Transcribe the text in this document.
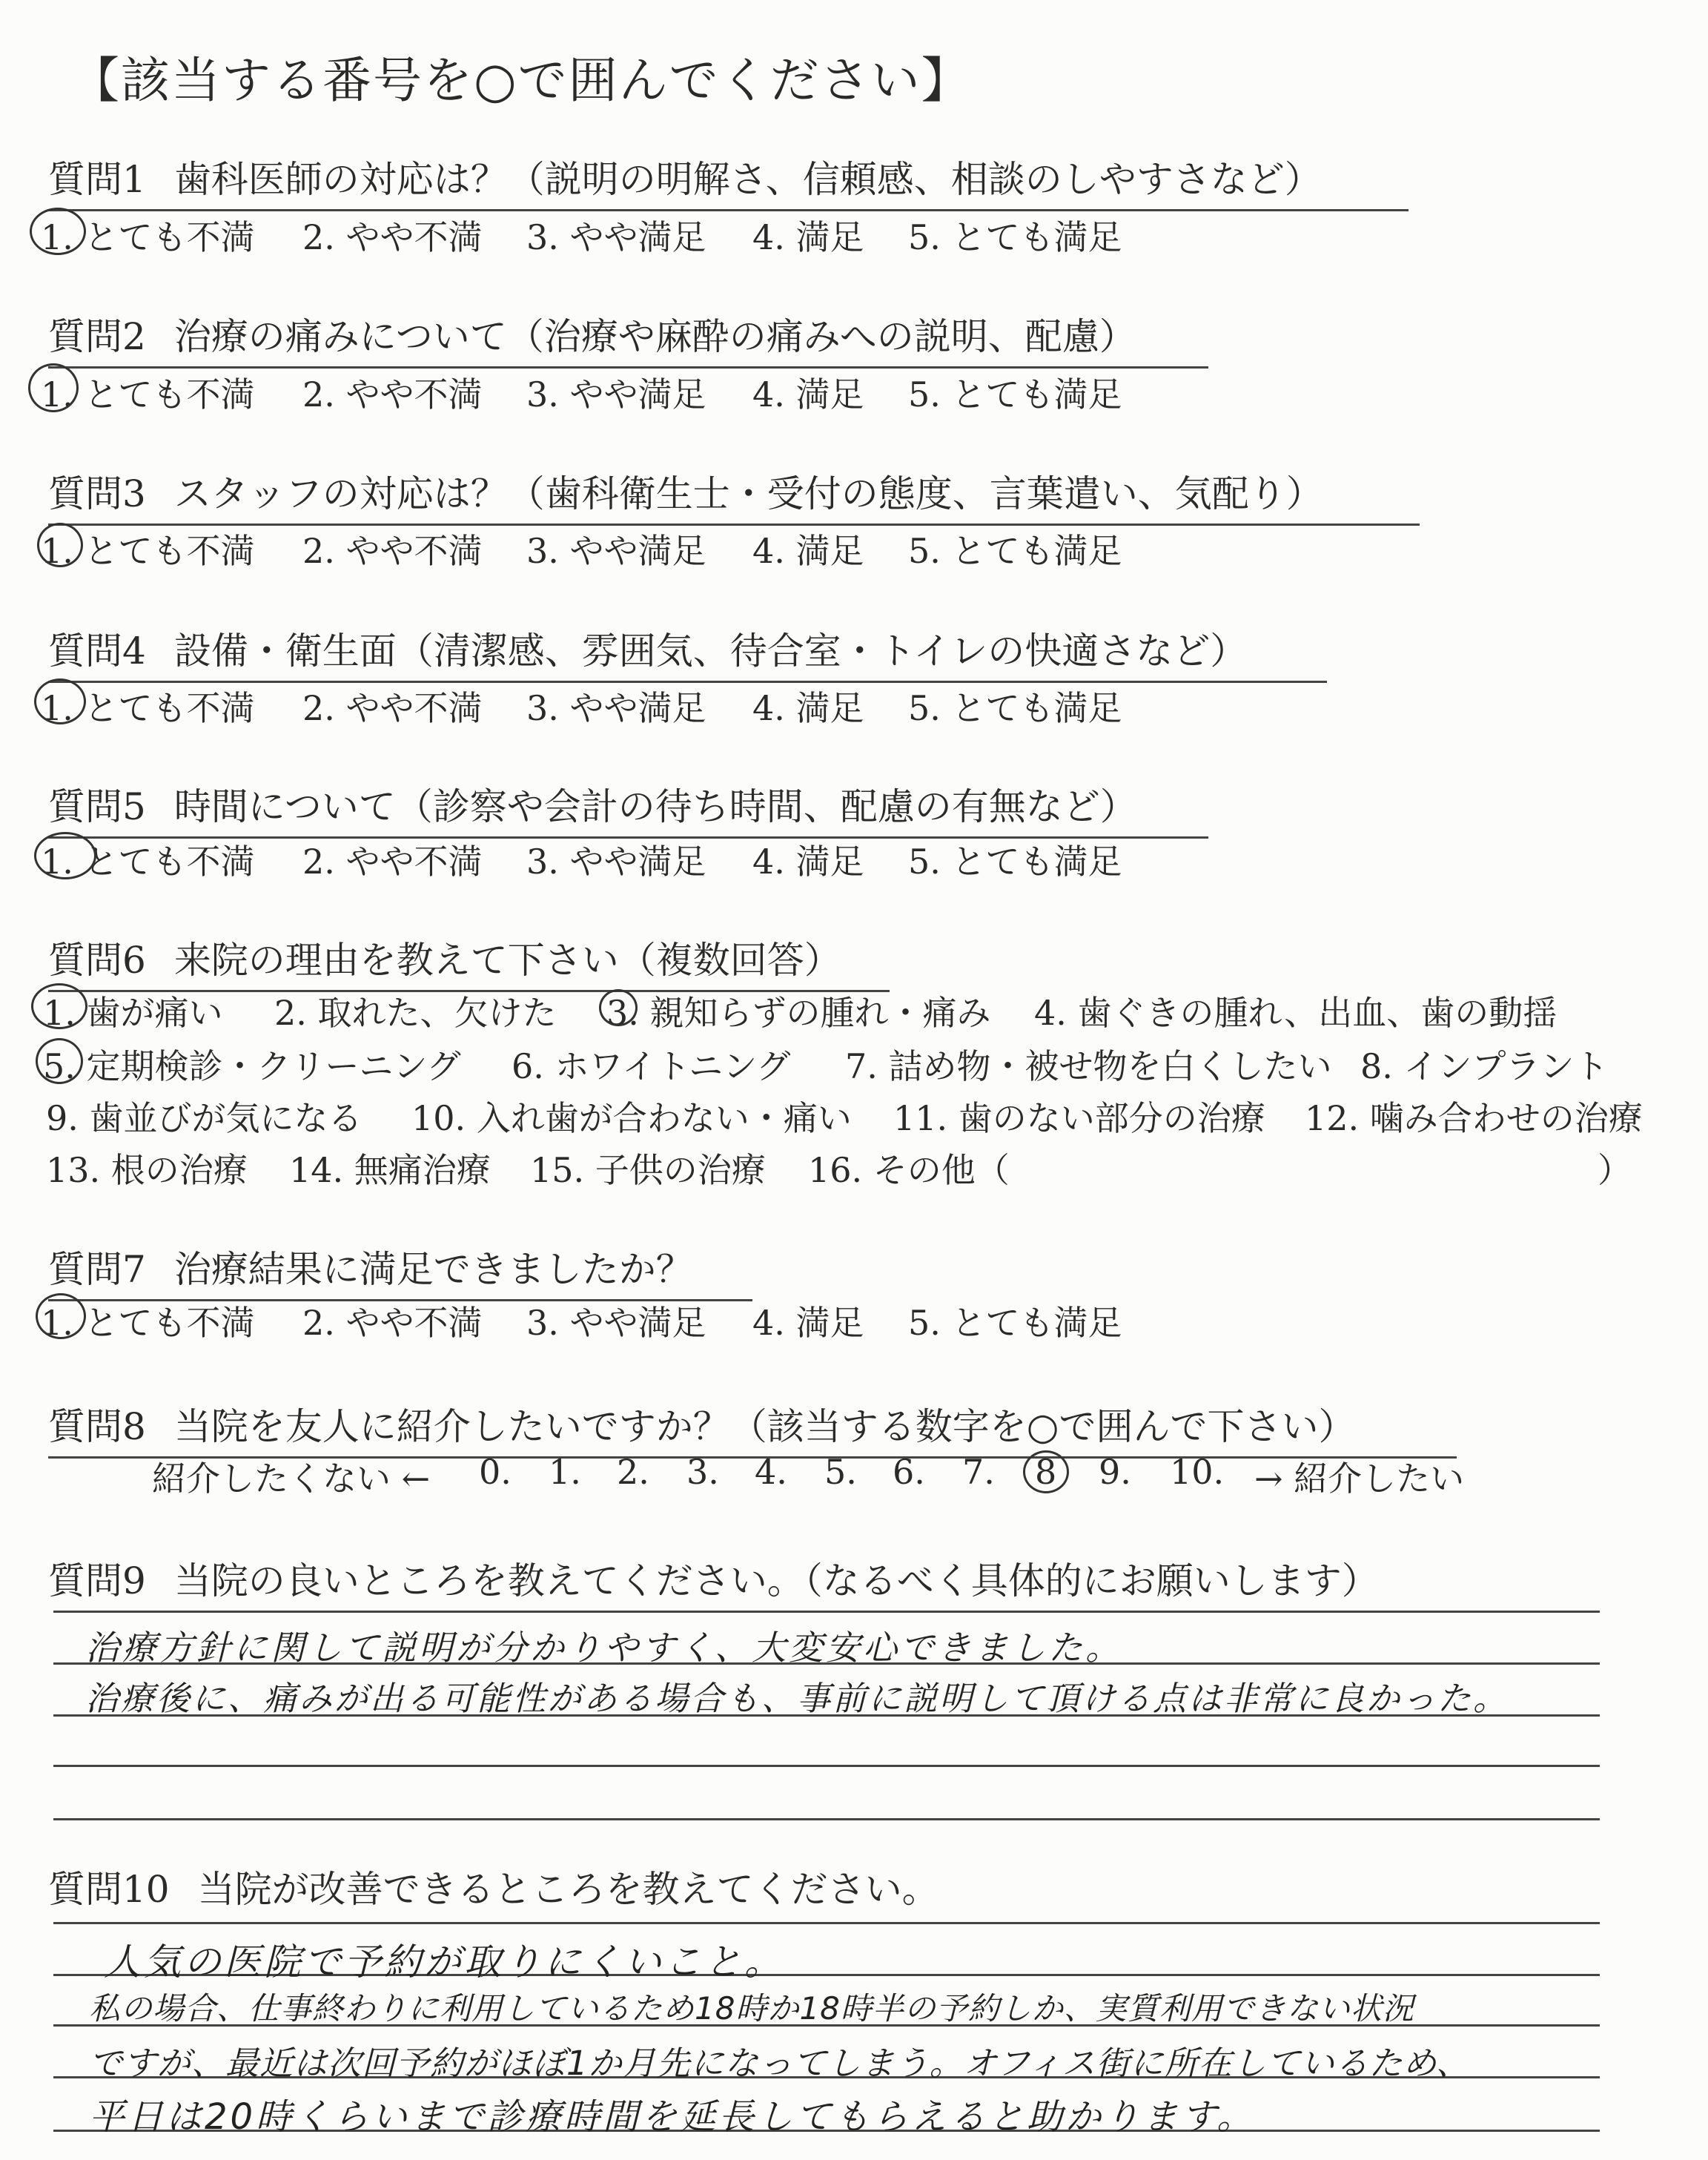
【該当する番号を○で囲んでください】
質問1 歯科医師の対応は？（説明の明解さ、信頼感、相談のしやすさなど）
1. とても不満 2. やや不満 3. やや満足 4. 満足 5. とても満足
質問2 治療の痛みについて（治療や麻酔の痛みへの説明、配慮）
1. とても不満 2. やや不満 3. やや満足 4. 満足 5. とても満足
質問3 スタッフの対応は？（歯科衛生士・受付の態度、言葉遣い、気配り）
1. とても不満 2. やや不満 3. やや満足 4. 満足 5. とても満足
質問4 設備・衛生面（清潔感、雰囲気、待合室・トイレの快適さなど）
1. とても不満 2. やや不満 3. やや満足 4. 満足 5. とても満足
質問5 時間について（診察や会計の待ち時間、配慮の有無など）
1. とても不満 2. やや不満 3. やや満足 4. 満足 5. とても満足
質問6 来院の理由を教えて下さい（複数回答）
1. 歯が痛い 2. 取れた、欠けた 3. 親知らずの腫れ・痛み 4. 歯ぐきの腫れ、出血、歯の動揺
5. 定期検診・クリーニング 6. ホワイトニング 7. 詰め物・被せ物を白くしたい 8. インプラント
9. 歯並びが気になる 10. 入れ歯が合わない・痛い 11. 歯のない部分の治療 12. 噛み合わせの治療
13. 根の治療 14. 無痛治療 15. 子供の治療 16. その他（	）
質問7 治療結果に満足できましたか？
1. とても不満 2. やや不満 3. やや満足 4. 満足 5. とても満足
質問8 当院を友人に紹介したいですか？（該当する数字を○で囲んで下さい）
紹介したくない ← 0. 1. 2. 3. 4. 5. 6. 7. 8 9. 10. → 紹介したい
質問9 当院の良いところを教えてください。（なるべく具体的にお願いします）
治療方針に関して説明が分かりやすく、大変安心できました。
治療後に、痛みが出る可能性がある場合も、事前に説明して頂ける点は非常に良かった。
質問10 当院が改善できるところを教えてください。
人気の医院で予約が取りにくいこと。
私の場合、仕事終わりに利用しているため18時か18時半の予約しか、実質利用できない状況
ですが、最近は次回予約がほぼ1か月先になってしまう。オフィス街に所在しているため、
平日は20時くらいまで診療時間を延長してもらえると助かります。
